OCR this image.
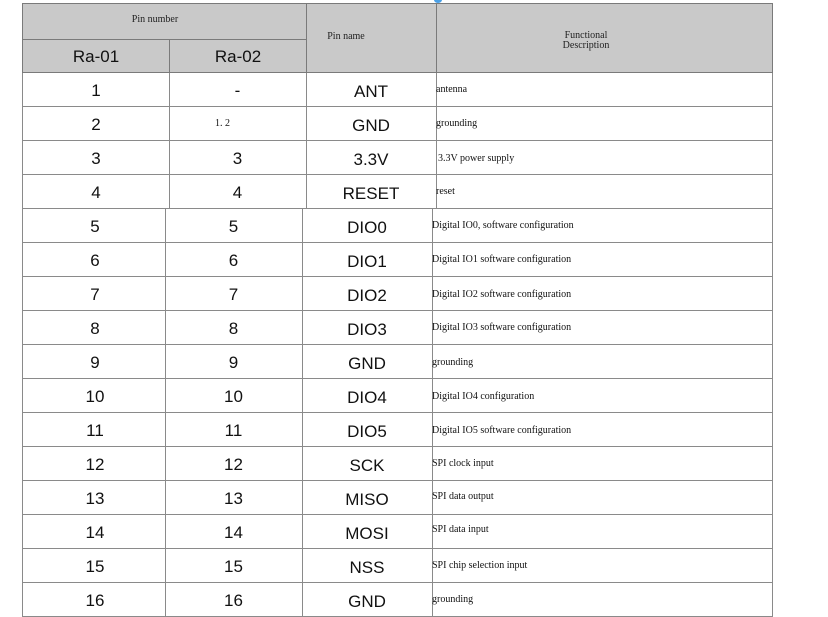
Pin number
Ra-01	Ra-02
Pin name	Functional
Description
1	-	ANT	antenna
2	1. 2	GND	grounding
3	3	3.3V	3.3V power supply
4	4	RESET	reset
5	5	DIO0	Digital IO0, software configuration
6	6	DIO1	Digital IO1 software configuration
7	7	DIO2	Digital IO2 software configuration
8	8	DIO3	Digital IO3 software configuration
9	9	GND	grounding
10	10	DIO4	Digital IO4 configuration
11	11	DIO5	Digital IO5 software configuration
12	12	SCK	SPI clock input
13	13	MISO	SPI data output
14	14	MOSI	SPI data input
15	15	NSS	SPI chip selection input
16	16	GND	grounding
